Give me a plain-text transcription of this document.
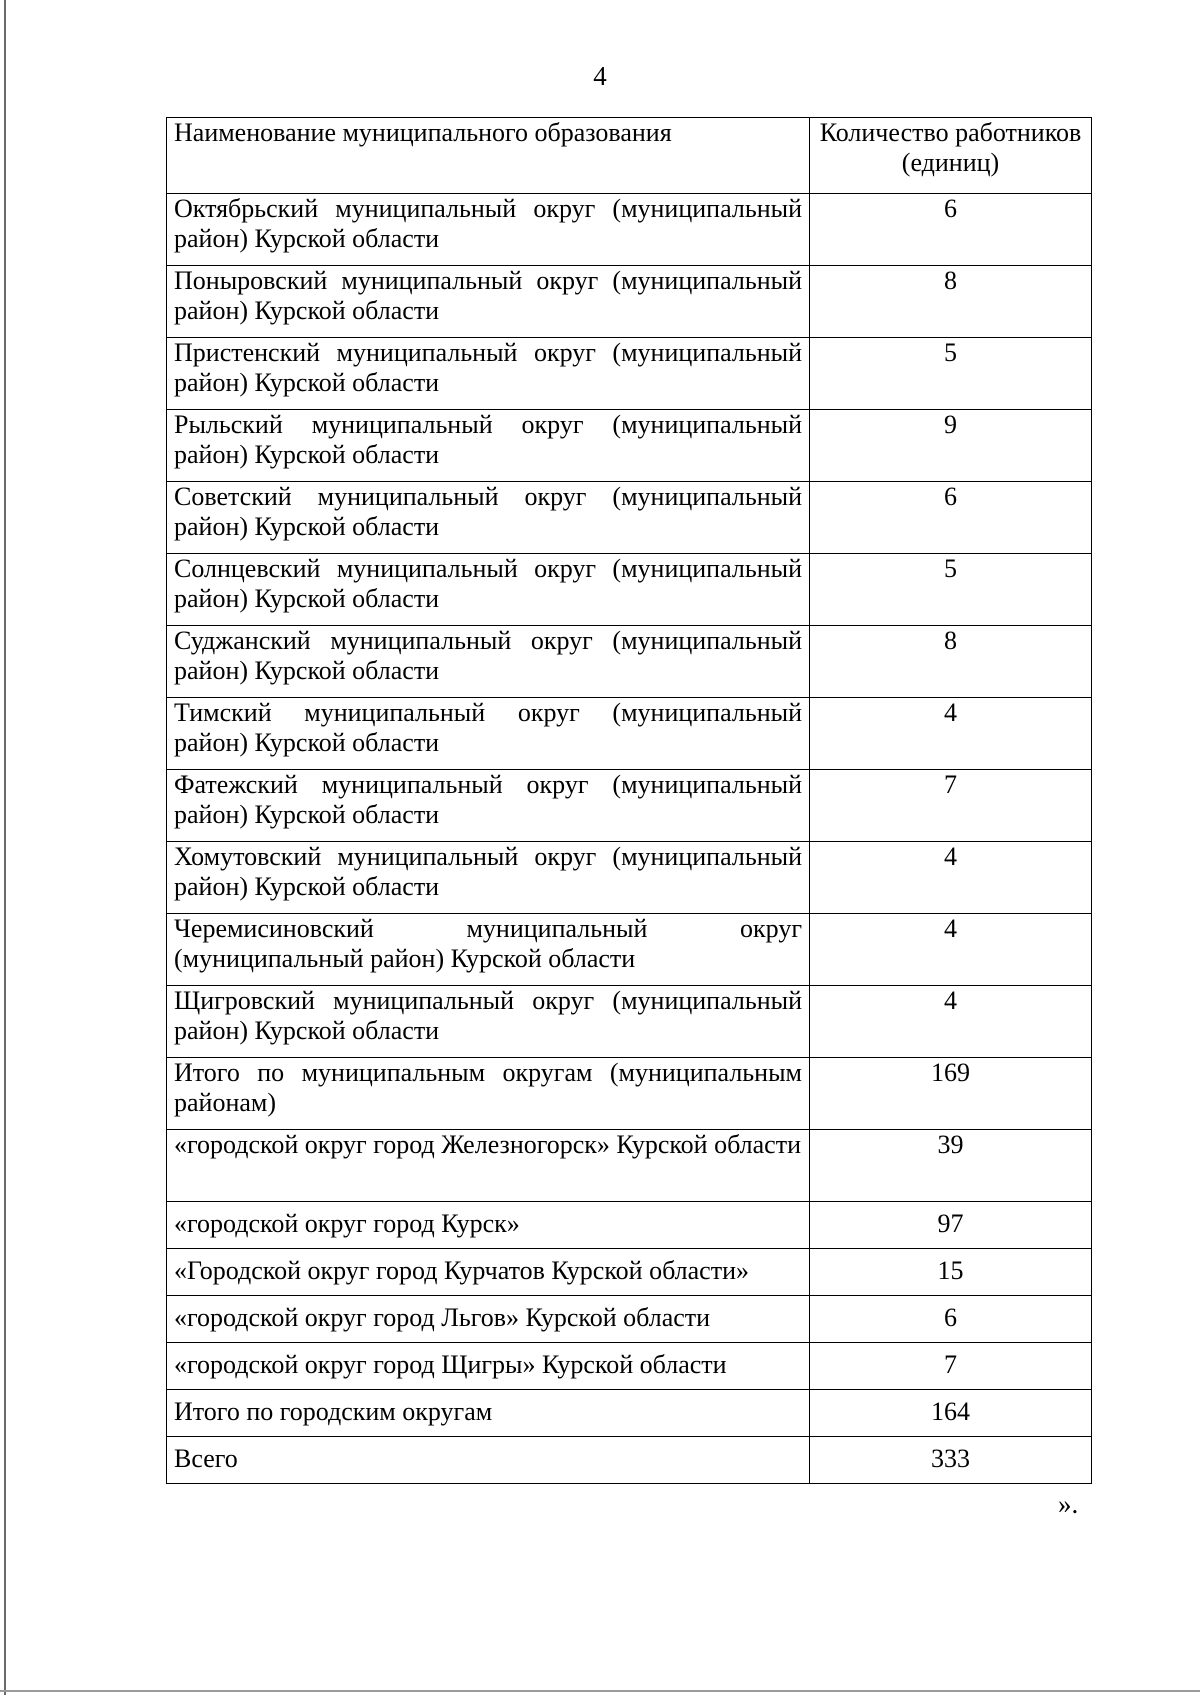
4
Наименование муниципального образования	Количество работников (единиц)
Октябрьский муниципальный округ (муниципальный район) Курской области	6
Поныровский муниципальный округ (муниципальный район) Курской области	8
Пристенский муниципальный округ (муниципальный район) Курской области	5
Рыльский муниципальный округ (муниципальный район) Курской области	9
Советский муниципальный округ (муниципальный район) Курской области	6
Солнцевский муниципальный округ (муниципальный район) Курской области	5
Суджанский муниципальный округ (муниципальный район) Курской области	8
Тимский муниципальный округ (муниципальный район) Курской области	4
Фатежский муниципальный округ (муниципальный район) Курской области	7
Хомутовский муниципальный округ (муниципальный район) Курской области	4
Черемисиновский муниципальный округ (муниципальный район) Курской области	4
Щигровский муниципальный округ (муниципальный район) Курской области	4
Итого по муниципальным округам (муниципальным районам)	169
«городской округ город Железногорск» Курской области	39
«городской округ город Курск»	97
«Городской округ город Курчатов Курской области»	15
«городской округ город Льгов» Курской области	6
«городской округ город Щигры» Курской области	7
Итого по городским округам	164
Всего	333
».
